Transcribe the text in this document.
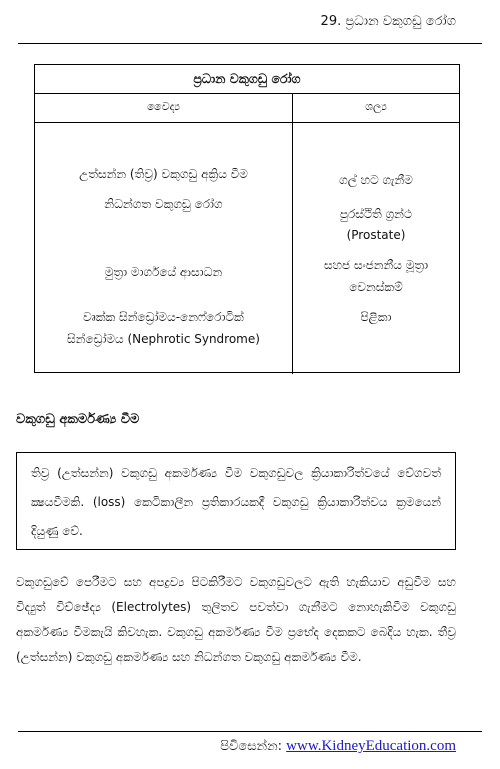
29. ප්‍රධාන වකුගඩු රෝග
ප්‍රධාන වකුගඩු රෝග
වෛද්‍ය	ශල්‍ය
උත්සන්න (තිව්‍ර) වකුගඩු අක්‍රිය වීම
නිධන්ගත වකුගඩු රෝග
මුත්‍රා මාර්ගයේ ආසාධන
වෘක්ක සින්ඩ්‍රෝමය-නෙෆ්රොටික්
සින්ඩ්‍රෝමය (Nephrotic Syndrome)
ගල් හට ගැනීම
පුරස්ථිති ග්‍රන්ථ
(Prostate)
සහජ සංජනනීය මූත්‍රා
වෙනස්කම්
පිළිකා
වකුගඩු අකර්මණ්‍ය වීම
තිව්‍ර (උත්සන්න) වකුගඩු අකර්මණ්‍ය වීම වකුගඩුවල ක්‍රියාකාරිත්වයේ වේගවත් ක්‍ෂයවීමකි. (loss) කෙටිකාලීන ප්‍රතිකාරයකදී වකුගඩු ක්‍රියාකාරිත්වය ක්‍රමයෙන් දියුණු වේ.
වකුගඩුවේ පෙරීමට සහ අපද්‍රව්‍ය පිටකිරීමට වකුගඩුවලට ඇති හැකියාව අඩුවීම සහ විද්‍යුත් විච්ඡේද්‍ය (Electrolytes) තුලිතව පවත්වා ගැනීමට නොහැකිවීම වකුගඩු අකර්මණ්‍ය වීමකැයි කිවහැක. වකුගඩු අකර්මණ්‍ය වීම ප්‍රභේද දෙකකට බෙදිය හැක. තීව්‍ර (උත්සන්න) වකුගඩු අකර්මණ්‍ය සහ නිධන්ගත වකුගඩු අකර්මණ්‍ය වීම.
පිවිසෙන්න: www.KidneyEducation.com
